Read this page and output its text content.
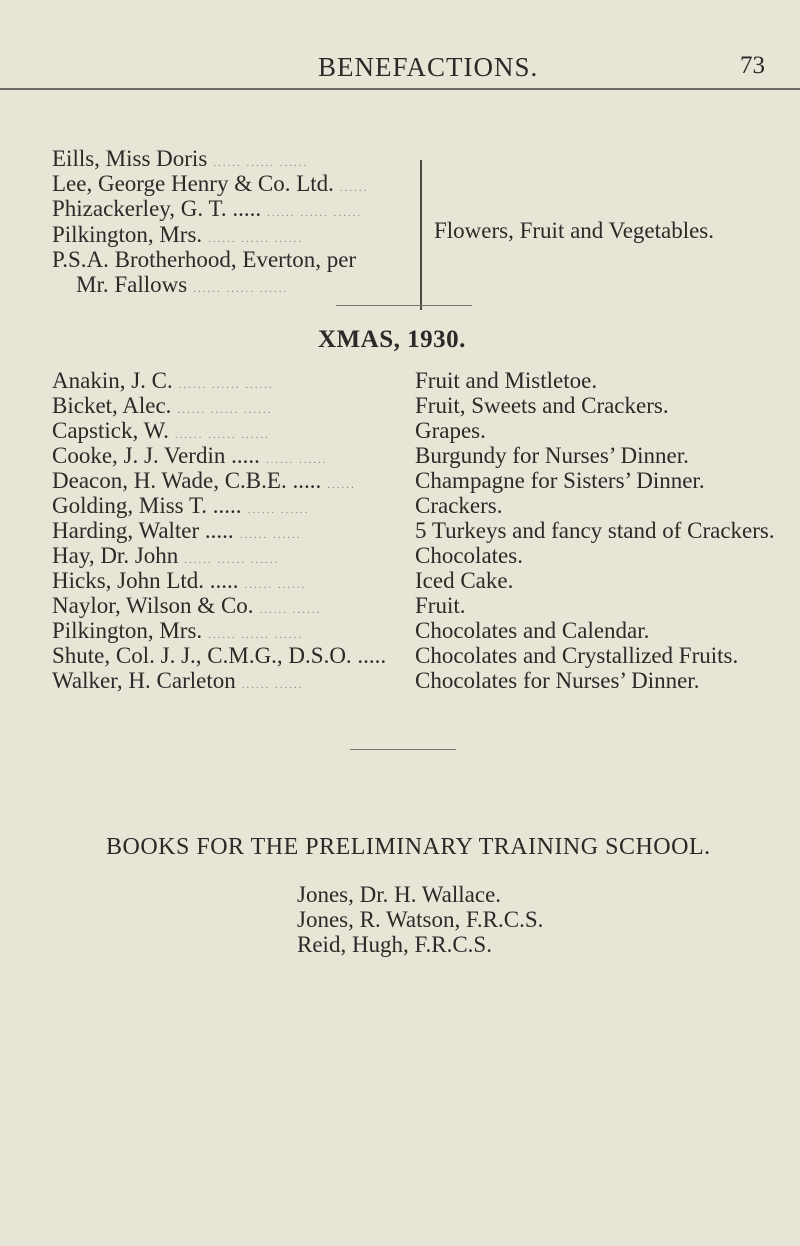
BENEFACTIONS.	73
Eills, Miss Doris ...... ...... ......
Lee, George Henry & Co. Ltd. ......
Phizackerley, G. T. ..... ...... ...... ......
Pilkington, Mrs. ...... ...... ......
P.S.A. Brotherhood, Everton, per
Mr. Fallows ...... ...... ......
Flowers, Fruit and Vegetables.
XMAS, 1930.
Anakin, J. C. ...... ...... ......	Fruit and Mistletoe.
Bicket, Alec. ...... ...... ......	Fruit, Sweets and Crackers.
Capstick, W. ...... ...... ......	Grapes.
Cooke, J. J. Verdin ..... ...... ......	Burgundy for Nurses’ Dinner.
Deacon, H. Wade, C.B.E. ..... ......	Champagne for Sisters’ Dinner.
Golding, Miss T. ..... ...... ......	Crackers.
Harding, Walter ..... ...... ......	5 Turkeys and fancy stand of Crackers.
Hay, Dr. John ...... ...... ......	Chocolates.
Hicks, John Ltd. ..... ...... ......	Iced Cake.
Naylor, Wilson & Co. ...... ......	Fruit.
Pilkington, Mrs. ...... ...... ......	Chocolates and Calendar.
Shute, Col. J. J., C.M.G., D.S.O. ..... Chocolates and Crystallized Fruits.
Walker, H. Carleton ...... ......	Chocolates for Nurses’ Dinner.
BOOKS FOR THE PRELIMINARY TRAINING SCHOOL.
Jones, Dr. H. Wallace.
Jones, R. Watson, F.R.C.S.
Reid, Hugh, F.R.C.S.
